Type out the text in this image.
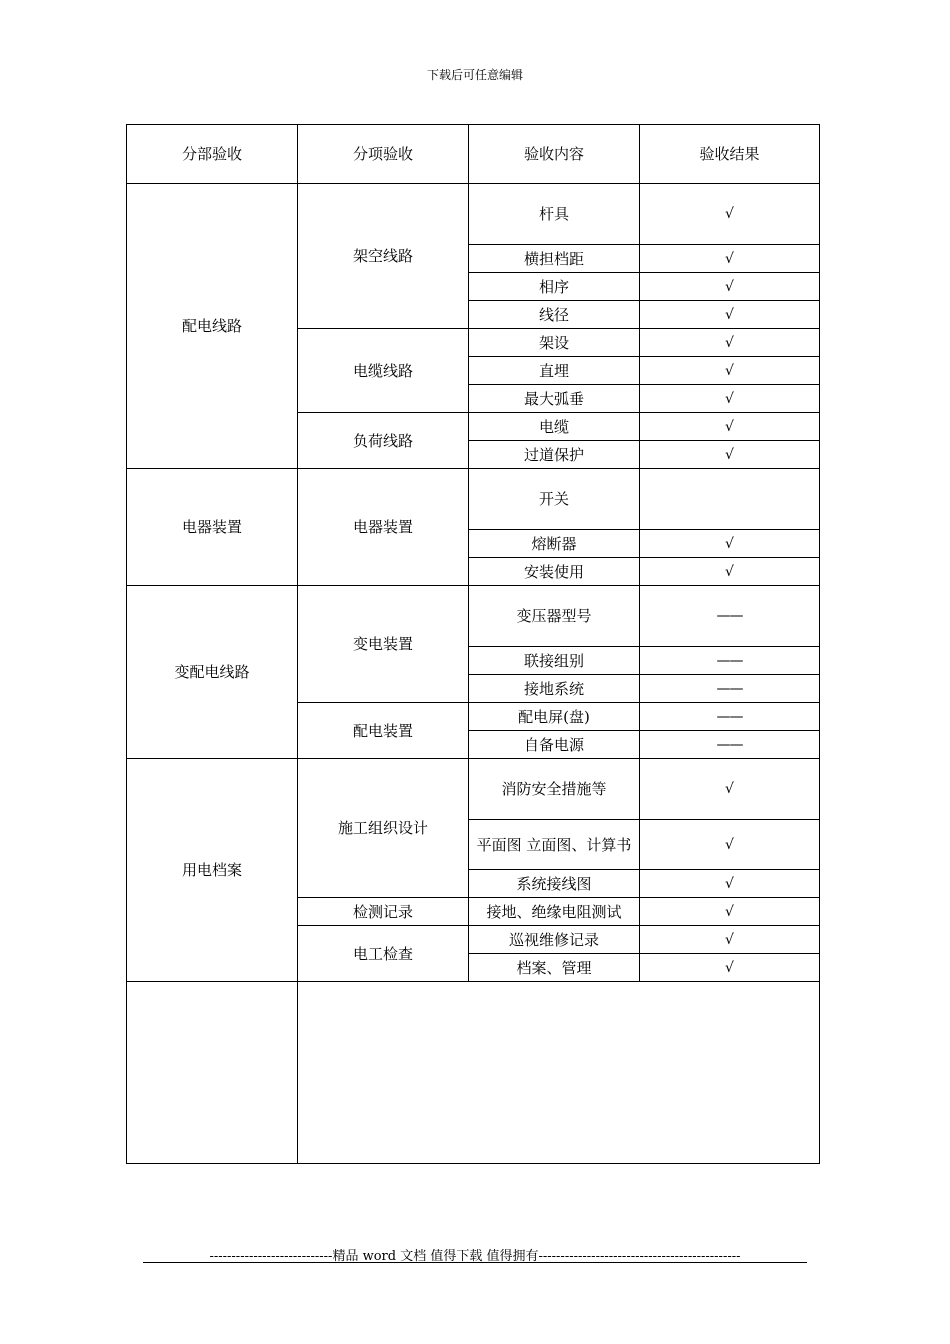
下载后可任意编辑
分部验收	分项验收	验收内容	验收结果
配电线路	架空线路	杆具	√
		横担档距	√
		相序	√
		线径	√
	电缆线路	架设	√
		直埋	√
		最大弧垂	√
	负荷线路	电缆	√
		过道保护	√
电器装置	电器装置	开关	
		熔断器	√
		安装使用	√
变配电线路	变电装置	变压器型号	——
		联接组别	——
		接地系统	——
	配电装置	配电屏(盘)	——
		自备电源	——
用电档案	施工组织设计	消防安全措施等	√
		平面图 立面图、计算书	√
		系统接线图	√
	检测记录	接地、绝缘电阻测试	√
	电工检查	巡视维修记录	√
		档案、管理	√

----------------------------精品 word 文档 值得下载 值得拥有----------------------------------------------
